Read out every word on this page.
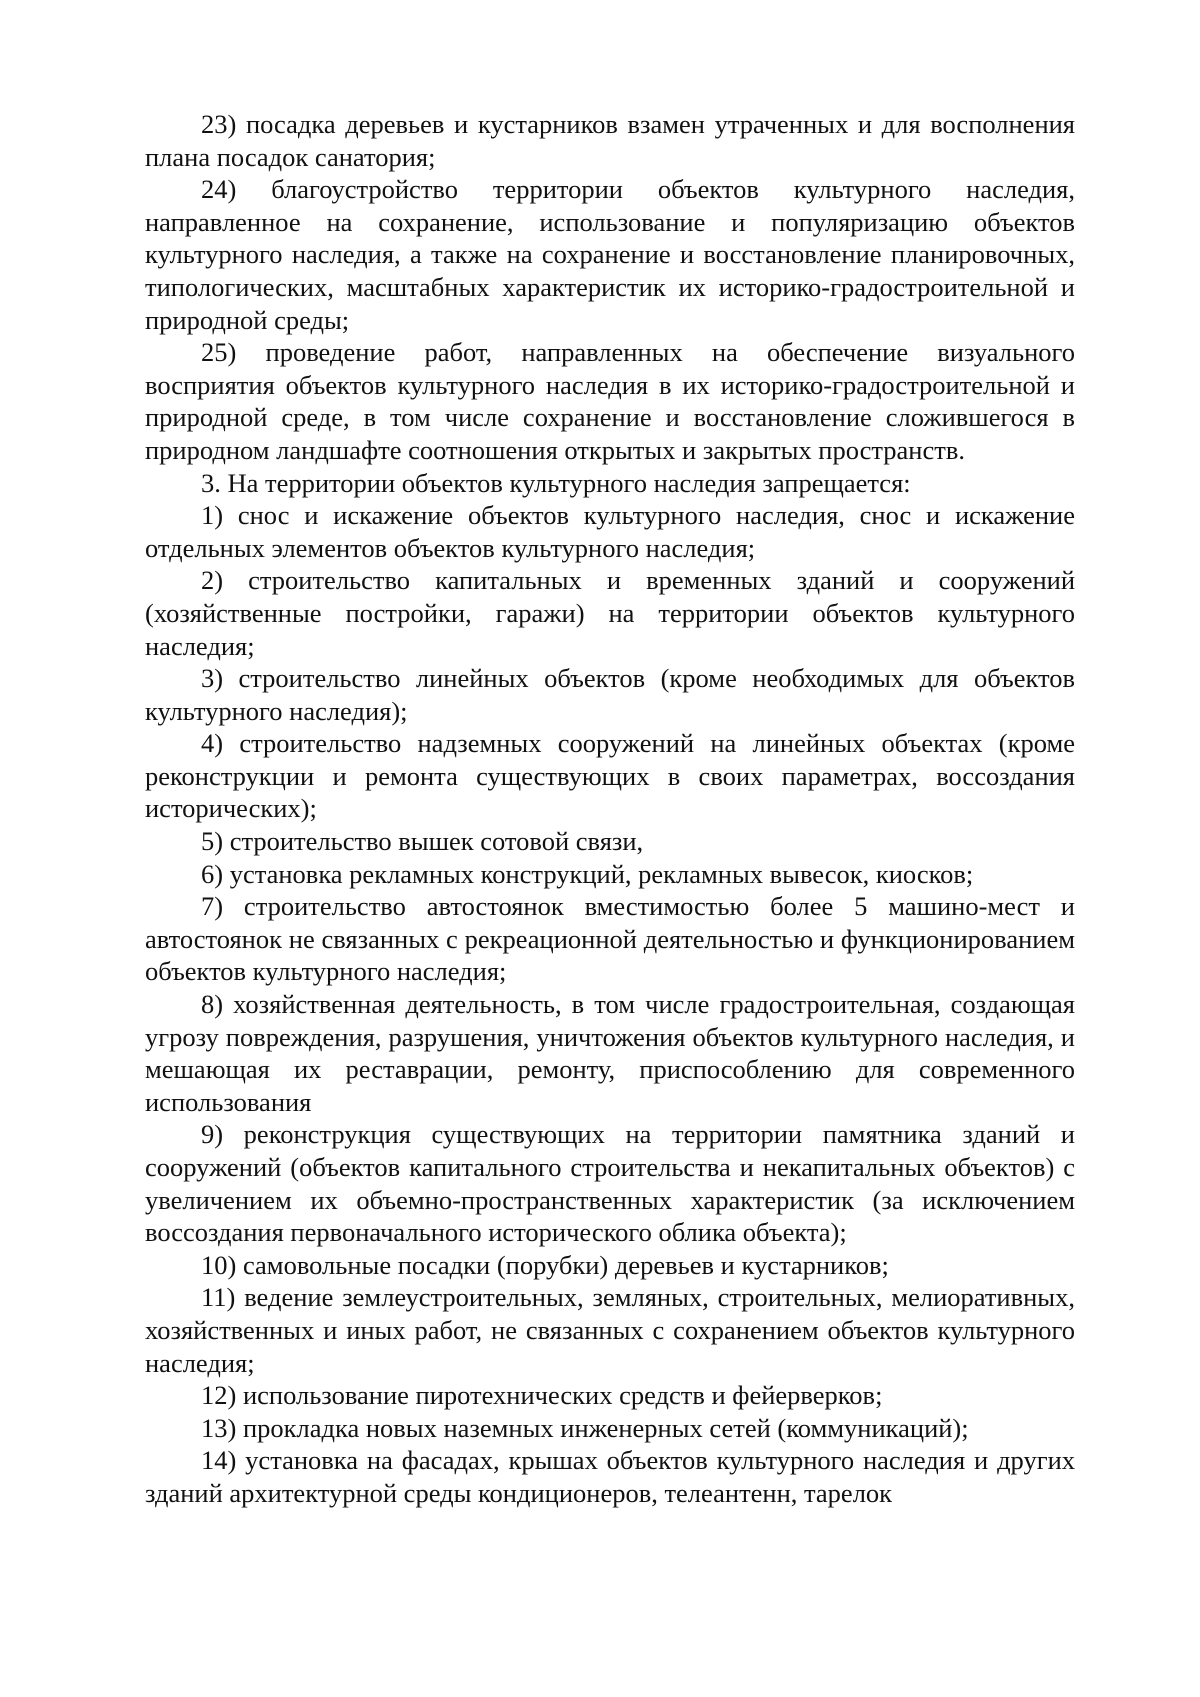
23) посадка деревьев и кустарников взамен утраченных и для восполнения плана посадок санатория;

24) благоустройство территории объектов культурного наследия, направленное на сохранение, использование и популяризацию объектов культурного наследия, а также на сохранение и восстановление планировочных, типологических, масштабных характеристик их историко-градостроительной и природной среды;

25) проведение работ, направленных на обеспечение визуального восприятия объектов культурного наследия в их историко-градостроительной и природной среде, в том числе сохранение и восстановление сложившегося в природном ландшафте соотношения открытых и закрытых пространств.

3. На территории объектов культурного наследия запрещается:

1) снос и искажение объектов культурного наследия, снос и искажение отдельных элементов объектов культурного наследия;

2) строительство капитальных и временных зданий и сооружений (хозяйственные постройки, гаражи) на территории объектов культурного наследия;

3) строительство линейных объектов (кроме необходимых для объектов культурного наследия);

4) строительство надземных сооружений на линейных объектах (кроме реконструкции и ремонта существующих в своих параметрах, воссоздания исторических);

5) строительство вышек сотовой связи,

6) установка рекламных конструкций, рекламных вывесок, киосков;

7) строительство автостоянок вместимостью более 5 машино-мест и автостоянок не связанных с рекреационной деятельностью и функционированием объектов культурного наследия;

8) хозяйственная деятельность, в том числе градостроительная, создающая угрозу повреждения, разрушения, уничтожения объектов культурного наследия, и мешающая их реставрации, ремонту, приспособлению для современного использования

9) реконструкция существующих на территории памятника зданий и сооружений (объектов капитального строительства и некапитальных объектов) с увеличением их объемно-пространственных характеристик (за исключением воссоздания первоначального исторического облика объекта);

10) самовольные посадки (порубки) деревьев и кустарников;

11) ведение землеустроительных, земляных, строительных, мелиоративных, хозяйственных и иных работ, не связанных с сохранением объектов культурного наследия;

12) использование пиротехнических средств и фейерверков;

13) прокладка новых наземных инженерных сетей (коммуникаций);

14) установка на фасадах, крышах объектов культурного наследия и других зданий архитектурной среды кондиционеров, телеантенн, тарелок
